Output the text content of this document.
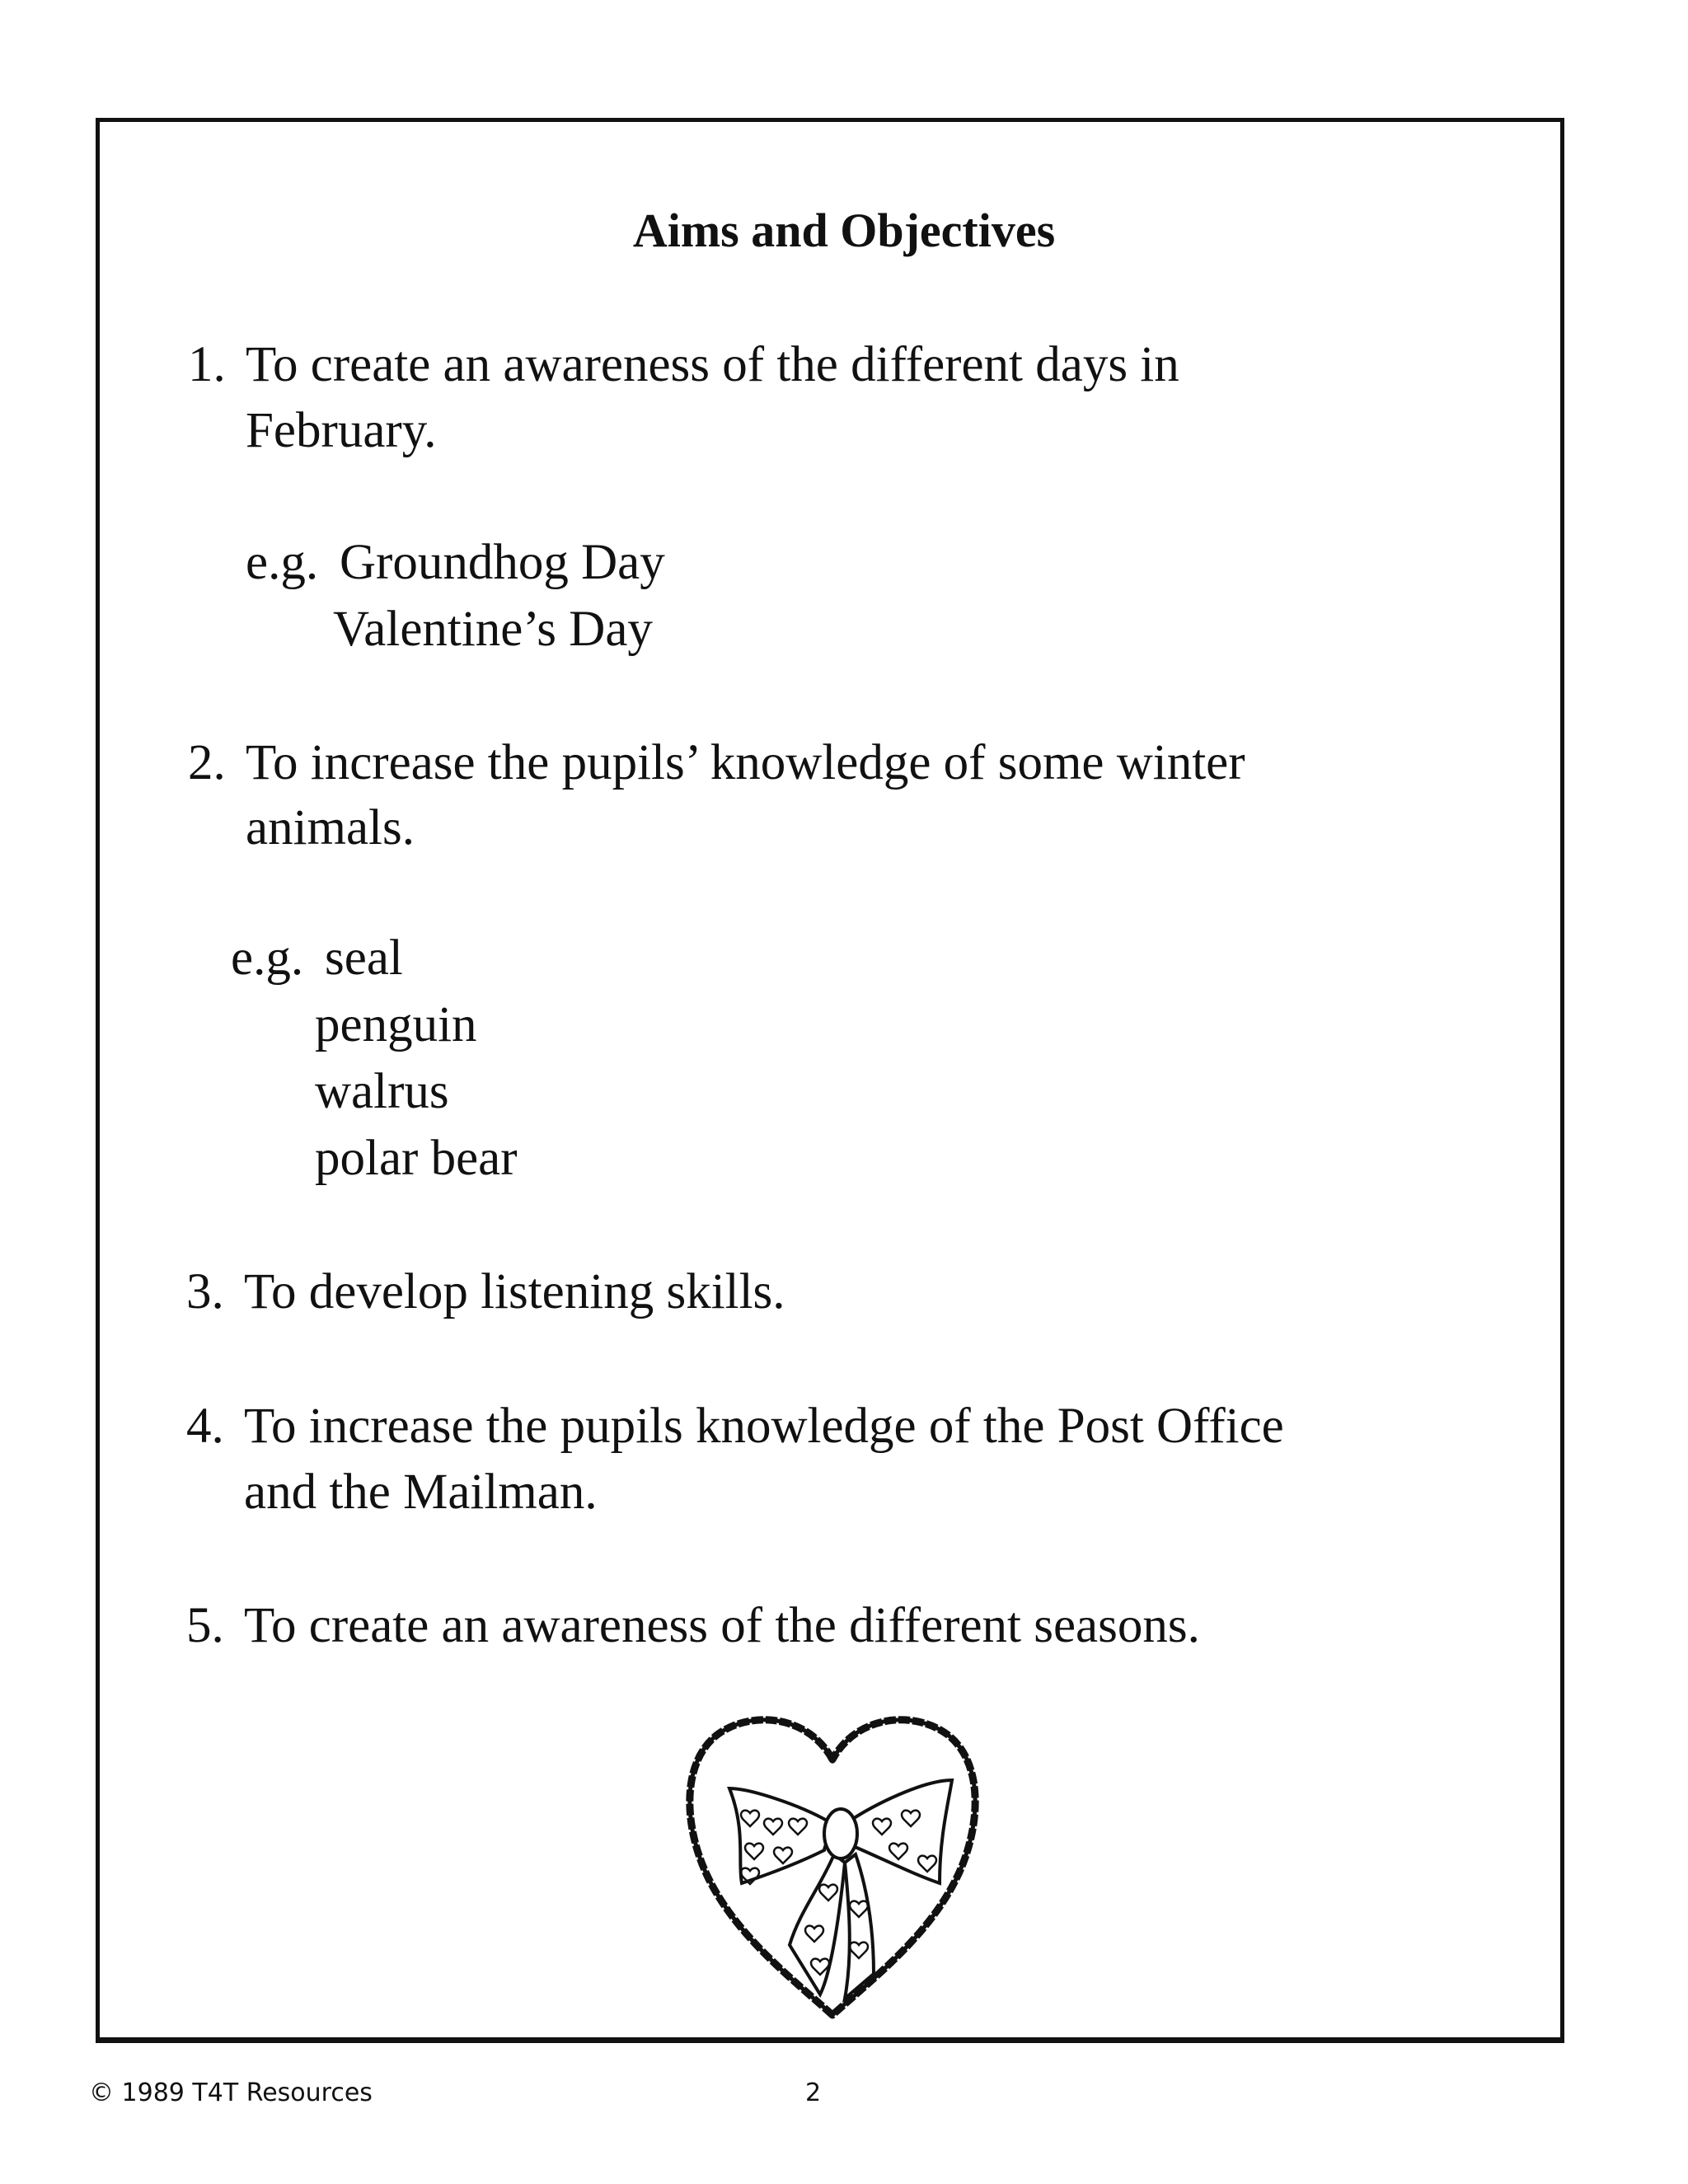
Aims and Objectives
1. To create an awareness of the different days in
February.
e.g. Groundhog Day
Valentine’s Day
2. To increase the pupils’ knowledge of some winter
animals.
e.g. seal
penguin
walrus
polar bear
3. To develop listening skills.
4. To increase the pupils knowledge of the Post Office
and the Mailman.
5. To create an awareness of the different seasons.
© 1989 T4T Resources	2
